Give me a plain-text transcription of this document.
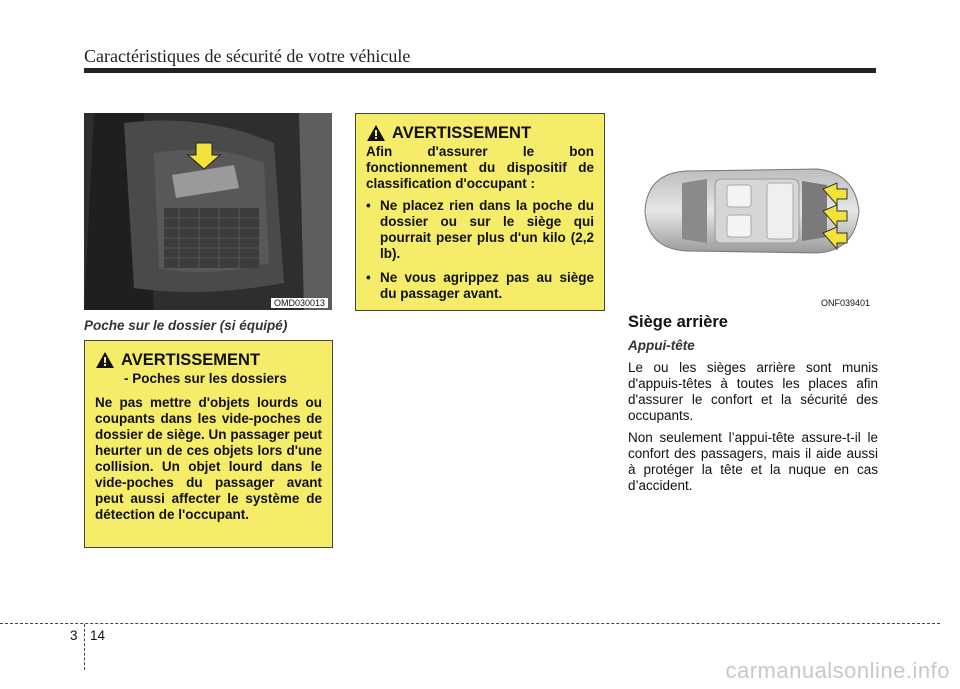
Caractéristiques de sécurité de votre véhicule
OMD030013
Poche sur le dossier (si équipé)
AVERTISSEMENT
- Poches sur les dossiers

Ne pas mettre d'objets lourds ou coupants dans les vide-poches de dossier de siège. Un passager peut heurter un de ces objets lors d'une collision. Un objet lourd dans le vide-poches du passager avant peut aussi affecter le système de détection de l'occupant.

AVERTISSEMENT

Afin d'assurer le bon fonctionnement du dispositif de classification d'occupant :

• Ne placez rien dans la poche du dossier ou sur le siège qui pourrait peser plus d'un kilo (2,2 lb).
• Ne vous agrippez pas au siège du passager avant.
ONF039401
Siège arrière
Appui-tête
Le ou les sièges arrière sont munis d'appuis-têtes à toutes les places afin d'assurer le confort et la sécurité des occupants.
Non seulement l’appui-tête assure-t-il le confort des passagers, mais il aide aussi à protéger la tête et la nuque en cas d’accident.
3 14
carmanualsonline.info
